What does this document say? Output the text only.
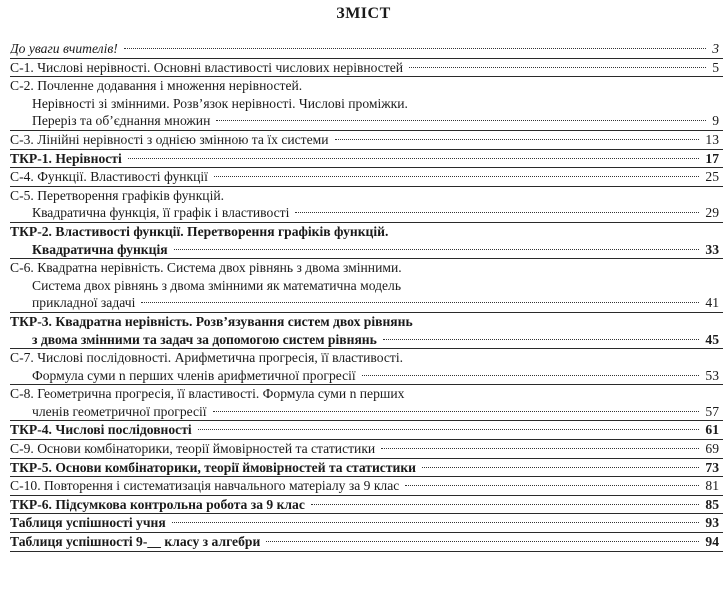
ЗМІСТ
До уваги вчителів!	3
С-1. Числові нерівності. Основні властивості числових нерівностей	5
С-2. Почленне додавання і множення нерівностей.
Нерівності зі змінними. Розв’язок нерівності. Числові проміжки.
Переріз та об’єднання множин	9
С-3. Лінійні нерівності з однією змінною та їх системи	13
ТКР-1. Нерівності	17
С-4. Функції. Властивості функції	25
С-5. Перетворення графіків функцій.
Квадратична функція, її графік і властивості	29
ТКР-2. Властивості функції. Перетворення графіків функцій.
Квадратична функція	33
С-6. Квадратна нерівність. Система двох рівнянь з двома змінними.
Система двох рівнянь з двома змінними як математична модель
прикладної задачі	41
ТКР-3. Квадратна нерівність. Розв’язування систем двох рівнянь
з двома змінними та задач за допомогою систем рівнянь	45
С-7. Числові послідовності. Арифметична прогресія, її властивості.
Формула суми n перших членів арифметичної прогресії	53
С-8. Геометрична прогресія, її властивості. Формула суми n перших
членів геометричної прогресії	57
ТКР-4. Числові послідовності	61
С-9. Основи комбінаторики, теорії ймовірностей та статистики	69
ТКР-5. Основи комбінаторики, теорії ймовірностей та статистики	73
С-10. Повторення і систематизація навчального матеріалу за 9 клас	81
ТКР-6. Підсумкова контрольна робота за 9 клас	85
Таблиця успішності учня	93
Таблиця успішності 9-__ класу з алгебри	94
